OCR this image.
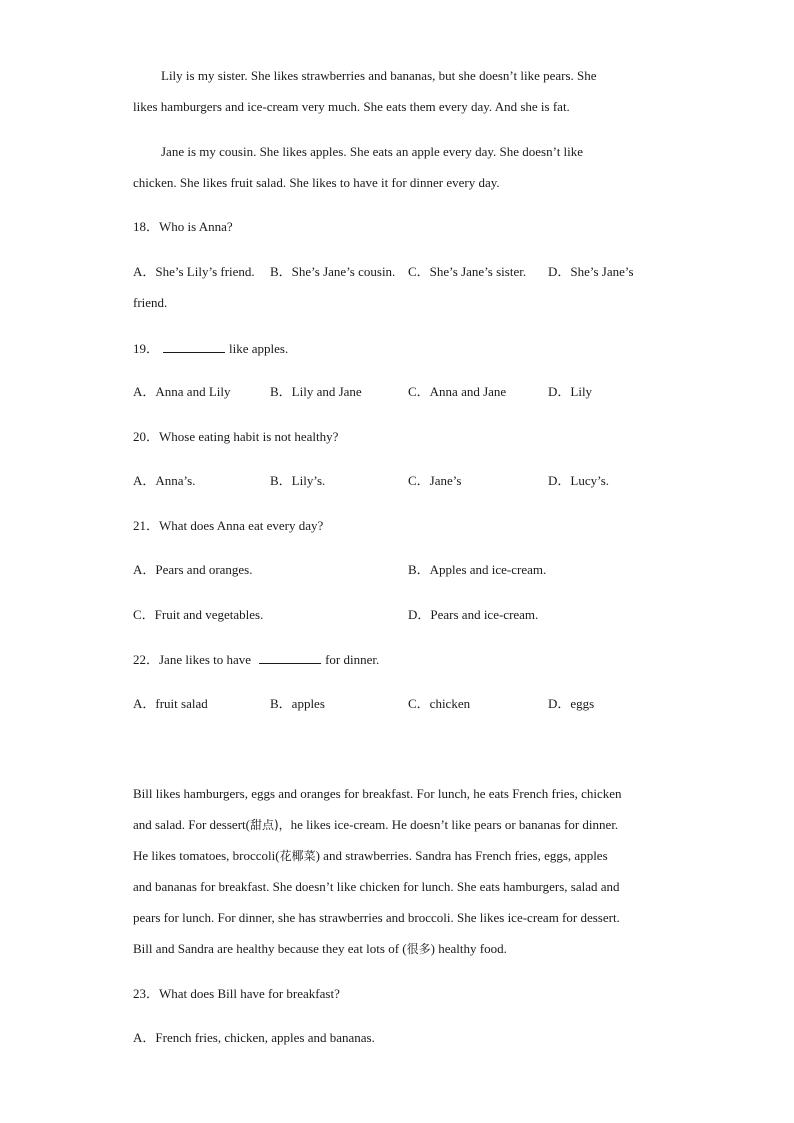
Lily is my sister. She likes strawberries and bananas, but she doesn’t like pears. She
likes hamburgers and ice-cream very much. She eats them every day. And she is fat.
Jane is my cousin. She likes apples. She eats an apple every day. She doesn’t like
chicken. She likes fruit salad. She likes to have it for dinner every day.
18．Who is Anna?
A．She’s Lily’s friend. B．She’s Jane’s cousin. C．She’s Jane’s sister. D．She’s Jane’s
friend.
19．	like apples.
A．Anna and Lily	B．Lily and Jane	C．Anna and Jane	D．Lily
20．Whose eating habit is not healthy?
A．Anna’s.	B．Lily’s.	C．Jane’s	D．Lucy’s.
21．What does Anna eat every day?
A．Pears and oranges.	B．Apples and ice-cream.
C．Fruit and vegetables.	D．Pears and ice-cream.
22．Jane likes to have	for dinner.
A．fruit salad	B．apples	C．chicken	D．eggs
Bill likes hamburgers, eggs and oranges for breakfast. For lunch, he eats French fries, chicken
and salad. For dessert(甜点)，he likes ice-cream. He doesn’t like pears or bananas for dinner.
He likes tomatoes, broccoli(花椰菜) and strawberries. Sandra has French fries, eggs, apples
and bananas for breakfast. She doesn’t like chicken for lunch. She eats hamburgers, salad and
pears for lunch. For dinner, she has strawberries and broccoli. She likes ice-cream for dessert.
Bill and Sandra are healthy because they eat lots of (很多) healthy food.
23．What does Bill have for breakfast?
A．French fries, chicken, apples and bananas.
